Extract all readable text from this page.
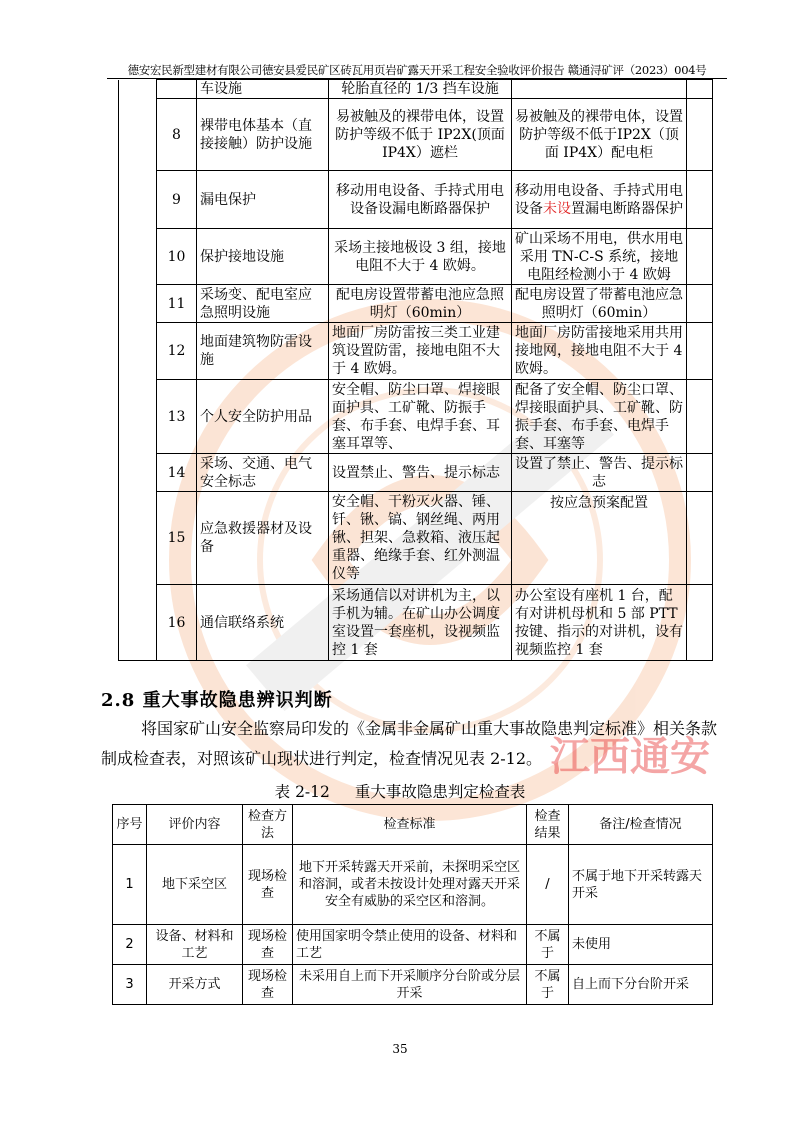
江西通安
德安宏民新型建材有限公司德安县爱民矿区砖瓦用页岩矿露天开采工程安全验收评价报告 赣通浔矿评（2023）004号
		车设施	轮胎直径的 1/3 挡车设施		
	8	裸带电体基本（直接接触）防护设施	易被触及的裸带电体，设置防护等级不低于 IP2X(顶面IP4X）遮栏	易被触及的裸带电体，设置防护等级不低于IP2X（顶面 IP4X）配电柜	
	9	漏电保护	移动用电设备、手持式用电设备设漏电断路器保护	移动用电设备、手持式用电设备未设置漏电断路器保护	
	10	保护接地设施	采场主接地极设 3 组，接地电阻不大于 4 欧姆。	矿山采场不用电，供水用电采用 TN-C-S 系统，接地电阻经检测小于 4 欧姆	
	11	采场变、配电室应急照明设施	配电房设置带蓄电池应急照明灯（60min）	配电房设置了带蓄电池应急照明灯（60min）	
	12	地面建筑物防雷设施	地面厂房防雷按三类工业建筑设置防雷，接地电阻不大于 4 欧姆。	地面厂房防雷接地采用共用接地网，接地电阻不大于 4 欧姆。	
	13	个人安全防护用品	安全帽、防尘口罩、焊接眼面护具、工矿靴、防振手套、布手套、电焊手套、耳塞耳罩等、	配备了安全帽、防尘口罩、焊接眼面护具、工矿靴、防振手套、布手套、电焊手套、耳塞等	
	14	采场、交通、电气安全标志	设置禁止、警告、提示标志	设置了禁止、警告、提示标志	
	15	应急救援器材及设备	安全帽、干粉灭火器、锤、钎、锹、镐、钢丝绳、两用锹、担架、急救箱、液压起重器、绝缘手套、红外测温仪等	按应急预案配置	
	16	通信联络系统	采场通信以对讲机为主，以手机为辅。在矿山办公调度室设置一套座机，设视频监控 1 套	办公室设有座机 1 台，配有对讲机母机和 5 部 PTT 按键、指示的对讲机，设有视频监控 1 套	
2.8 重大事故隐患辨识判断
将国家矿山安全监察局印发的《金属非金属矿山重大事故隐患判定标准》相关条款制成检查表，对照该矿山现状进行判定，检查情况见表 2-12。
表 2-12 重大事故隐患判定检查表
序号	评价内容	检查方法	检查标准	检查结果	备注/检查情况
1	地下采空区	现场检查	地下开采转露天开采前，未探明采空区和溶洞，或者未按设计处理对露天开采安全有威胁的采空区和溶洞。	/	不属于地下开采转露天开采
2	设备、材料和工艺	现场检查	使用国家明令禁止使用的设备、材料和工艺	不属于	未使用
3	开采方式	现场检查	未采用自上而下开采顺序分台阶或分层开采	不属于	自上而下分台阶开采
35
